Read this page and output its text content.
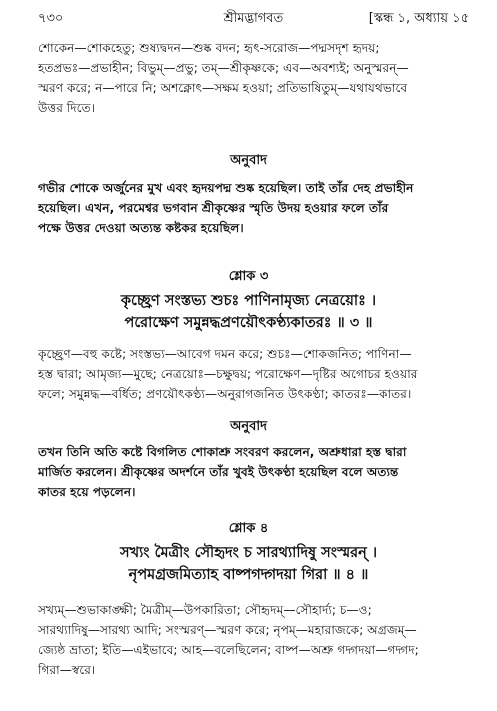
৭৩০	শ্রীমদ্ভাগবত	[স্কন্ধ ১, অধ্যায় ১৫
শোকেন—শোকহেতু; শুষ্যদ্বদন—শুষ্ক বদন; হৃৎ-সরোজ—পদ্মসদৃশ হৃদয়;
হতপ্রভঃ—প্রভাহীন; বিভুম্—প্রভু; তম্—শ্রীকৃষ্ণকে; এব—অবশ্যই; অনুস্মরন্—
স্মরণ করে; ন—পারে নি; অশক্নোৎ—সক্ষম হওয়া; প্রতিভাষিতুম্—যথাযথভাবে
উত্তর দিতে।
অনুবাদ
গভীর শোকে অর্জুনের মুখ এবং হৃদয়পদ্ম শুষ্ক হয়েছিল। তাই তাঁর দেহ প্রভাহীন
হয়েছিল। এখন, পরমেশ্বর ভগবান শ্রীকৃষ্ণের স্মৃতি উদয় হওয়ার ফলে তাঁর
পক্ষে উত্তর দেওয়া অত্যন্ত কষ্টকর হয়েছিল।
শ্লোক ৩
কৃচ্ছ্রেণ সংস্তভ্য শুচঃ পাণিনামৃজ্য নেত্রয়োঃ ।
পরোক্ষেণ সমুন্নদ্ধপ্রণয়ৌৎকণ্ঠ্যকাতরঃ ॥ ৩ ॥
কৃচ্ছ্রেণ—বহু কষ্টে; সংস্তভ্য—আবেগ দমন করে; শুচঃ—শোকজনিত; পাণিনা—
হস্ত দ্বারা; আমৃজ্য—মুছে; নেত্রয়োঃ—চক্ষুদ্বয়; পরোক্ষেণ—দৃষ্টির অগোচর হওয়ার
ফলে; সমুন্নদ্ধ—বর্ধিত; প্রণয়ৌৎকণ্ঠ্য—অনুরাগজনিত উৎকণ্ঠা; কাতরঃ—কাতর।
অনুবাদ
তখন তিনি অতি কষ্টে বিগলিত শোকাশ্রু সংবরণ করলেন, অশ্রুধারা হস্ত দ্বারা
মার্জিত করলেন। শ্রীকৃষ্ণের অদর্শনে তাঁর খুবই উৎকণ্ঠা হয়েছিল বলে অত্যন্ত
কাতর হয়ে পড়লেন।
শ্লোক ৪
সখ্যং মৈত্রীং সৌহৃদং চ সারথ্যাদিষু সংস্মরন্ ।
নৃপমগ্রজমিত্যাহ বাষ্পগদ্গদয়া গিরা ॥ ৪ ॥
সখ্যম্—শুভাকাঙ্ক্ষী; মৈত্রীম্—উপকারিতা; সৌহৃদম্—সৌহার্দ্য; চ—ও;
সারথ্যাদিষু—সারথ্য আদি; সংস্মরণ্—স্মরণ করে; নৃপম্—মহারাজকে; অগ্রজম্—
জ্যেষ্ঠ ভ্রাতা; ইতি—এইভাবে; আহ—বলেছিলেন; বাষ্প—অশ্রু গদ্গদয়া—গদ্গদ;
গিরা—স্বরে।
